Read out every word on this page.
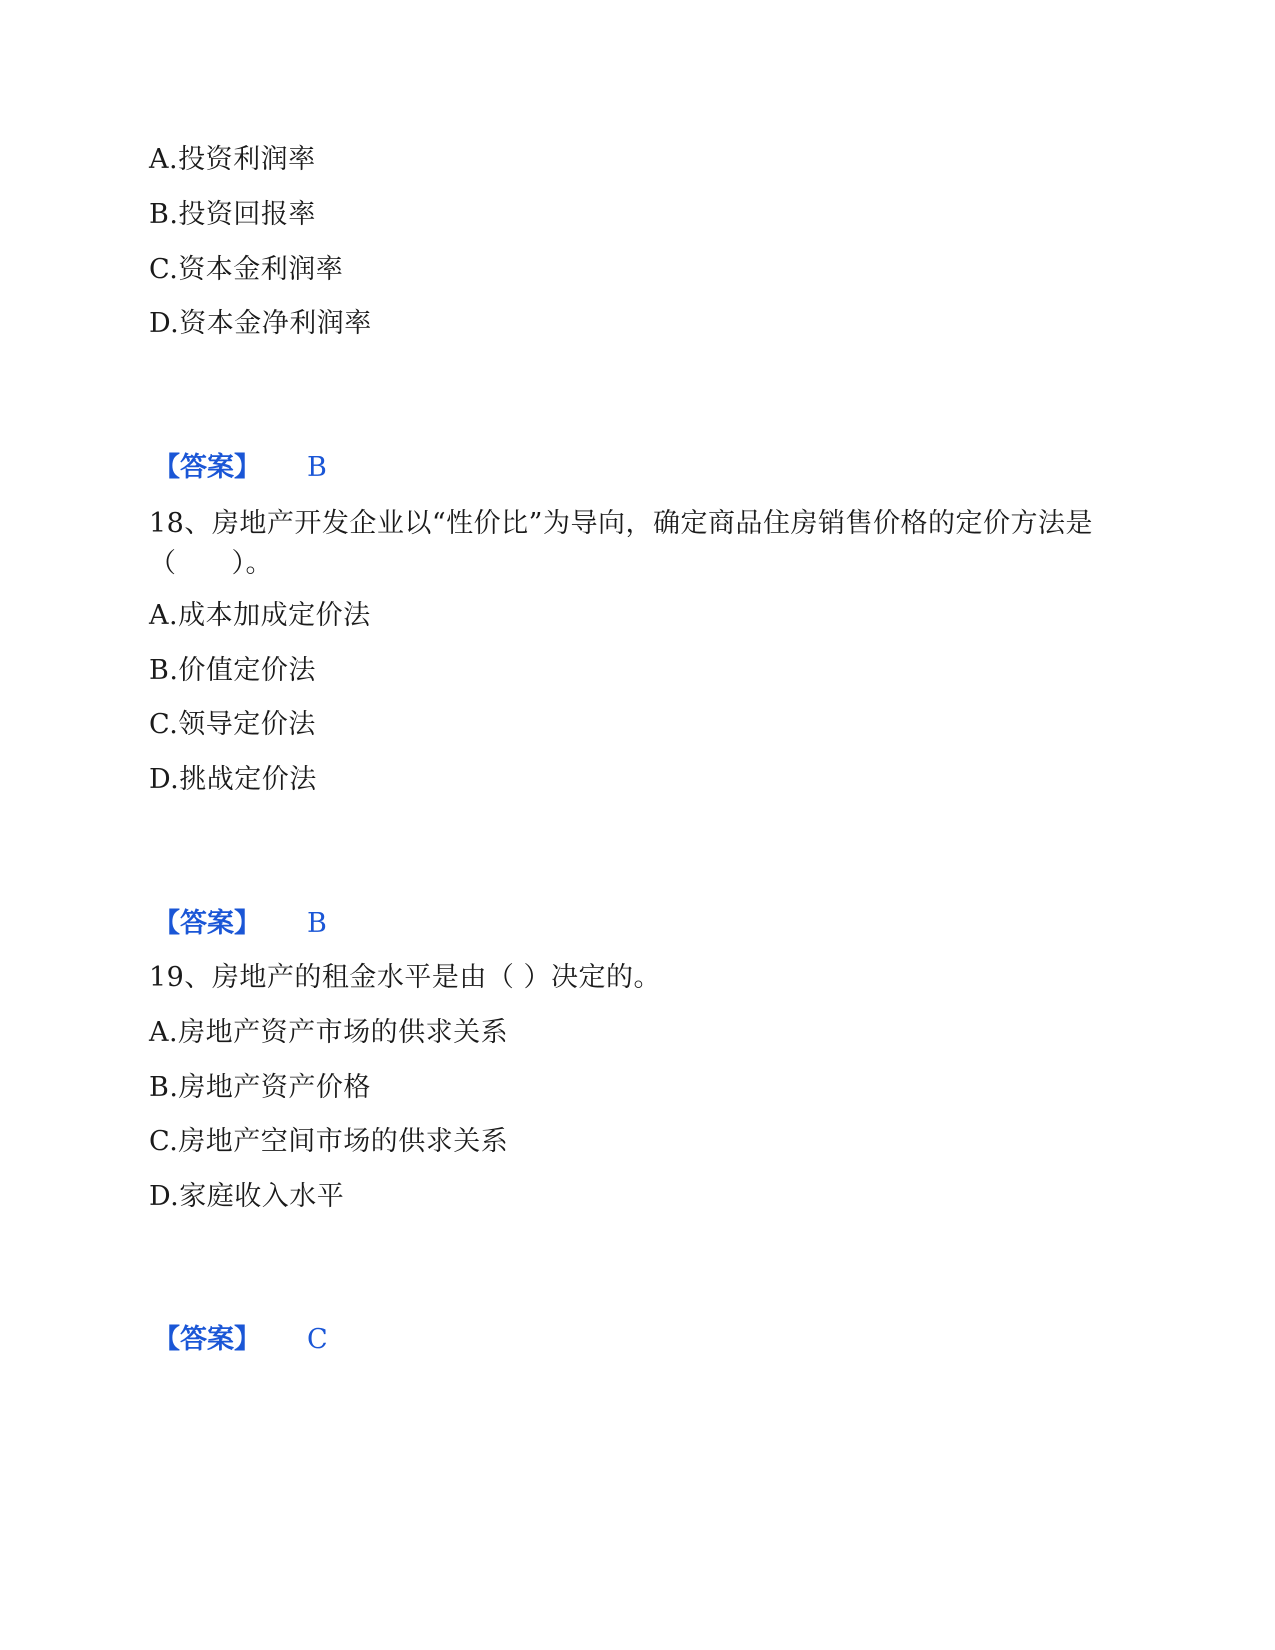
A.投资利润率
B.投资回报率
C.资本金利润率
D.资本金净利润率
【答案】 B
18、房地产开发企业以“性价比”为导向，确定商品住房销售价格的定价方法是（　　）。
A.成本加成定价法
B.价值定价法
C.领导定价法
D.挑战定价法
【答案】 B
19、房地产的租金水平是由（ ）决定的。
A.房地产资产市场的供求关系
B.房地产资产价格
C.房地产空间市场的供求关系
D.家庭收入水平
【答案】 C
